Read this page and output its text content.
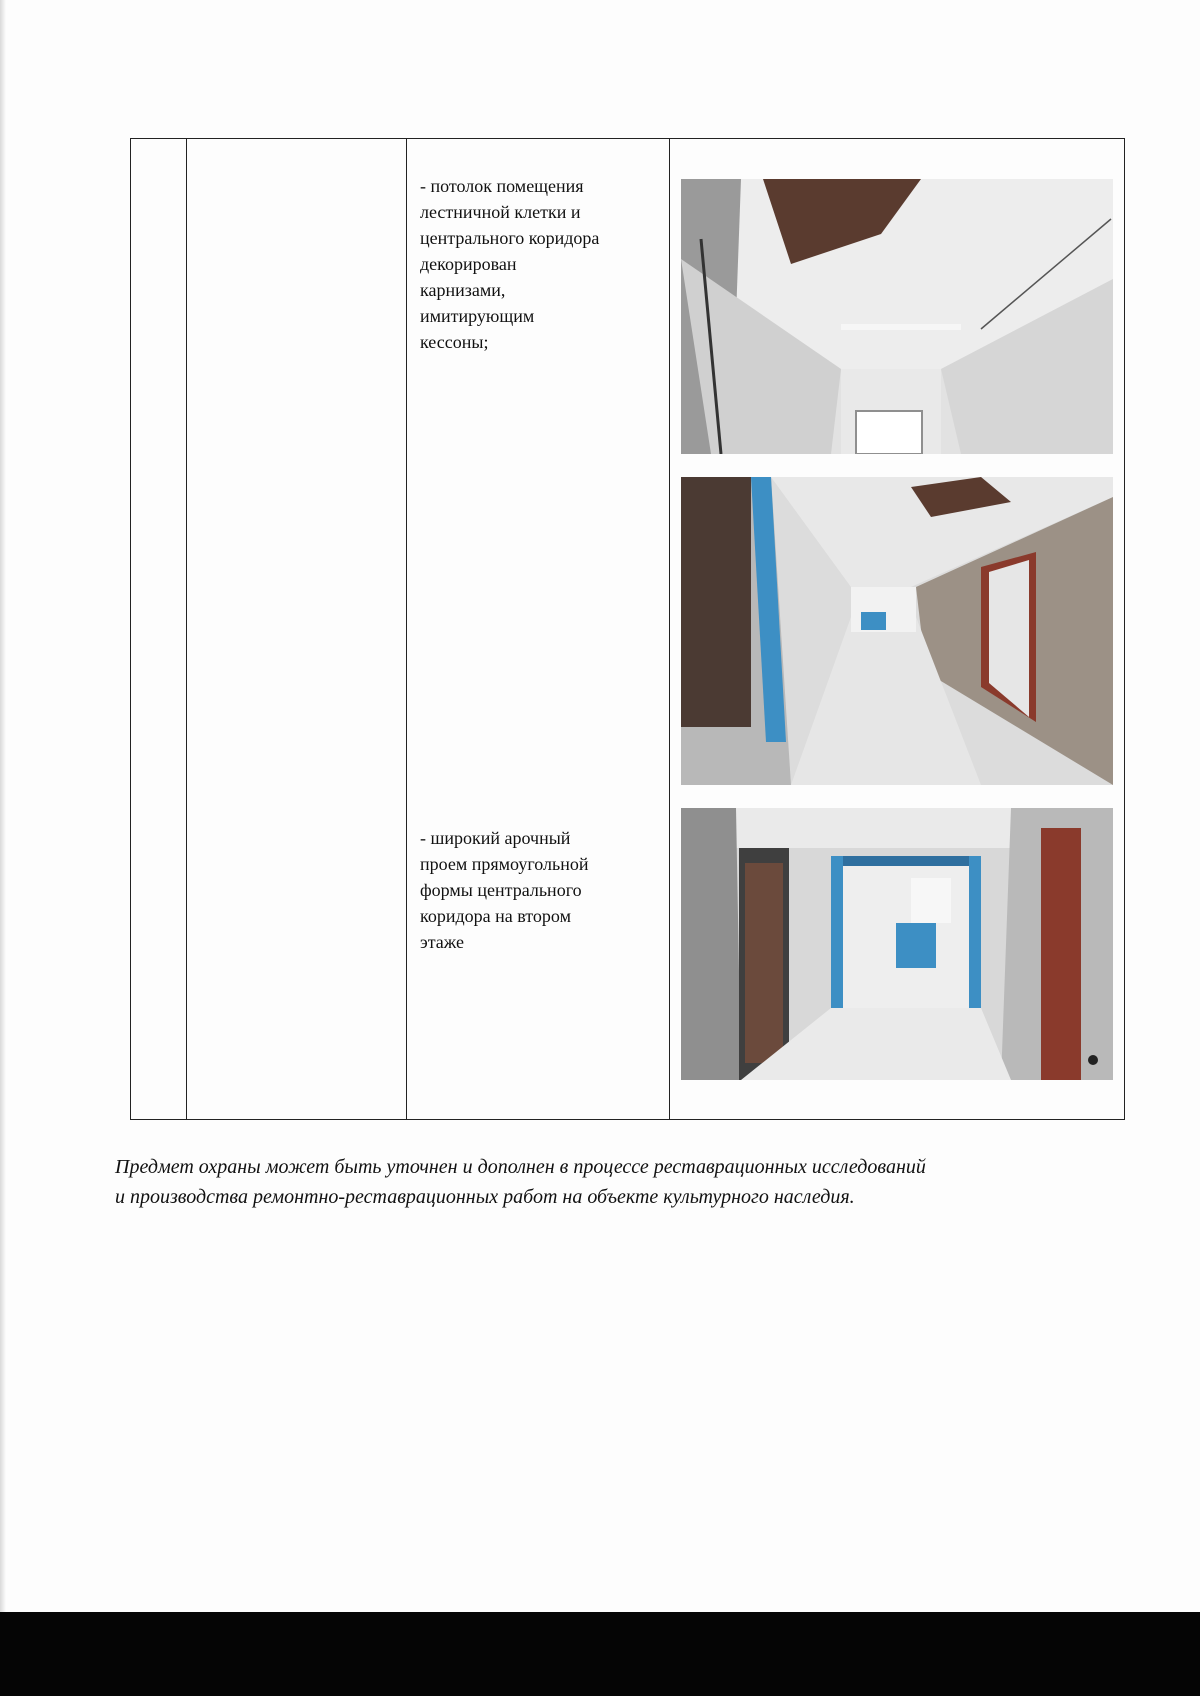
- потолок помещения
лестничной клетки и
центрального коридора
декорирован
карнизами,
имитирующим
кессоны;
- широкий арочный
проем прямоугольной
формы центрального
коридора на втором
этаже
Предмет охраны может быть уточнен и дополнен в процессе реставрационных исследований
и производства ремонтно-реставрационных работ на объекте культурного наследия.
